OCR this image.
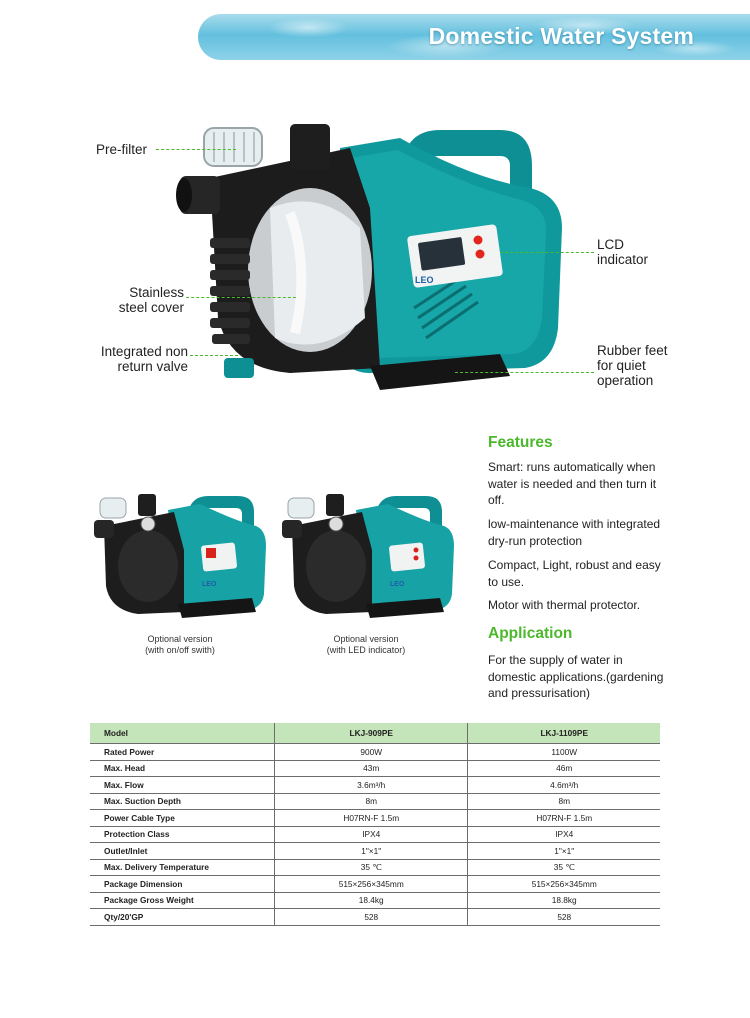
Domestic Water System
LEO
Pre-filter
Stainless steel cover
Integrated non return valve
LCD indicator
Rubber feet for quiet operation
LEO
Optional version
(with on/off swith)
LEO
Optional version
(with LED indicator)
Features
Smart: runs automatically when water is needed and then turn it off.
low-maintenance with integrated dry-run protection
Compact, Light, robust and easy to use.
Motor with thermal protector.
Application
For the supply of water in domestic applications.(gardening and pressurisation)
Model	LKJ-909PE	LKJ-1109PE
Rated Power	900W	1100W
Max. Head	43m	46m
Max. Flow	3.6m³/h	4.6m³/h
Max. Suction Depth	8m	8m
Power Cable Type	H07RN-F 1.5m	H07RN-F 1.5m
Protection Class	IPX4	IPX4
Outlet/Inlet	1"×1"	1"×1"
Max. Delivery Temperature	35 ℃	35 ℃
Package Dimension	515×256×345mm	515×256×345mm
Package Gross Weight	18.4kg	18.8kg
Qty/20'GP	528	528
